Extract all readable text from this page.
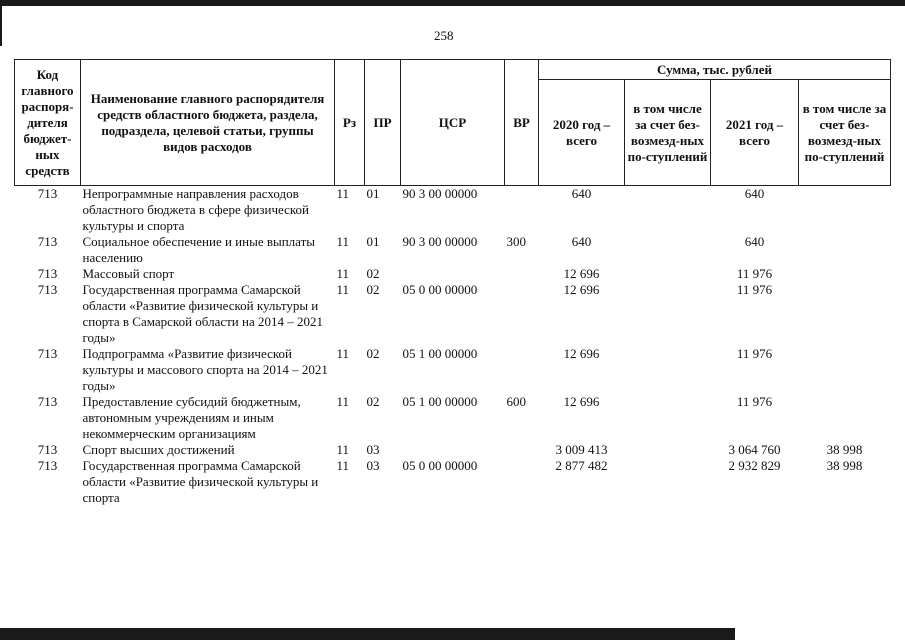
258
Код главного распоря-дителя бюджет-ных средств	Наименование главного распорядителя средств областного бюджета, раздела, подраздела, целевой статьи, группы видов расходов	Рз	ПР	ЦСР	ВР	Сумма, тыс. рублей			
						2020 год – всего	в том числе за счет без-возмезд-ных по-ступлений	2021 год – всего	в том числе за счет без-возмезд-ных по-ступлений
713	Непрограммные направления расходов областного бюджета в сфере физической культуры и спорта	11	01	90 3 00 00000		640		640	
713	Социальное обеспечение и иные выплаты населению	11	01	90 3 00 00000	300	640		640	
713	Массовый спорт	11	02			12 696		11 976	
713	Государственная программа Самарской области «Развитие физической культуры и спорта в Самарской области на 2014 – 2021 годы»	11	02	05 0 00 00000		12 696		11 976	
713	Подпрограмма «Развитие физической культуры и массового спорта на 2014 – 2021 годы»	11	02	05 1 00 00000		12 696		11 976	
713	Предоставление субсидий бюджетным, автономным учреждениям и иным некоммерческим организациям	11	02	05 1 00 00000	600	12 696		11 976	
713	Спорт высших достижений	11	03			3 009 413		3 064 760	38 998
713	Государственная программа Самарской области «Развитие физической культуры и спорта	11	03	05 0 00 00000		2 877 482		2 932 829	38 998
